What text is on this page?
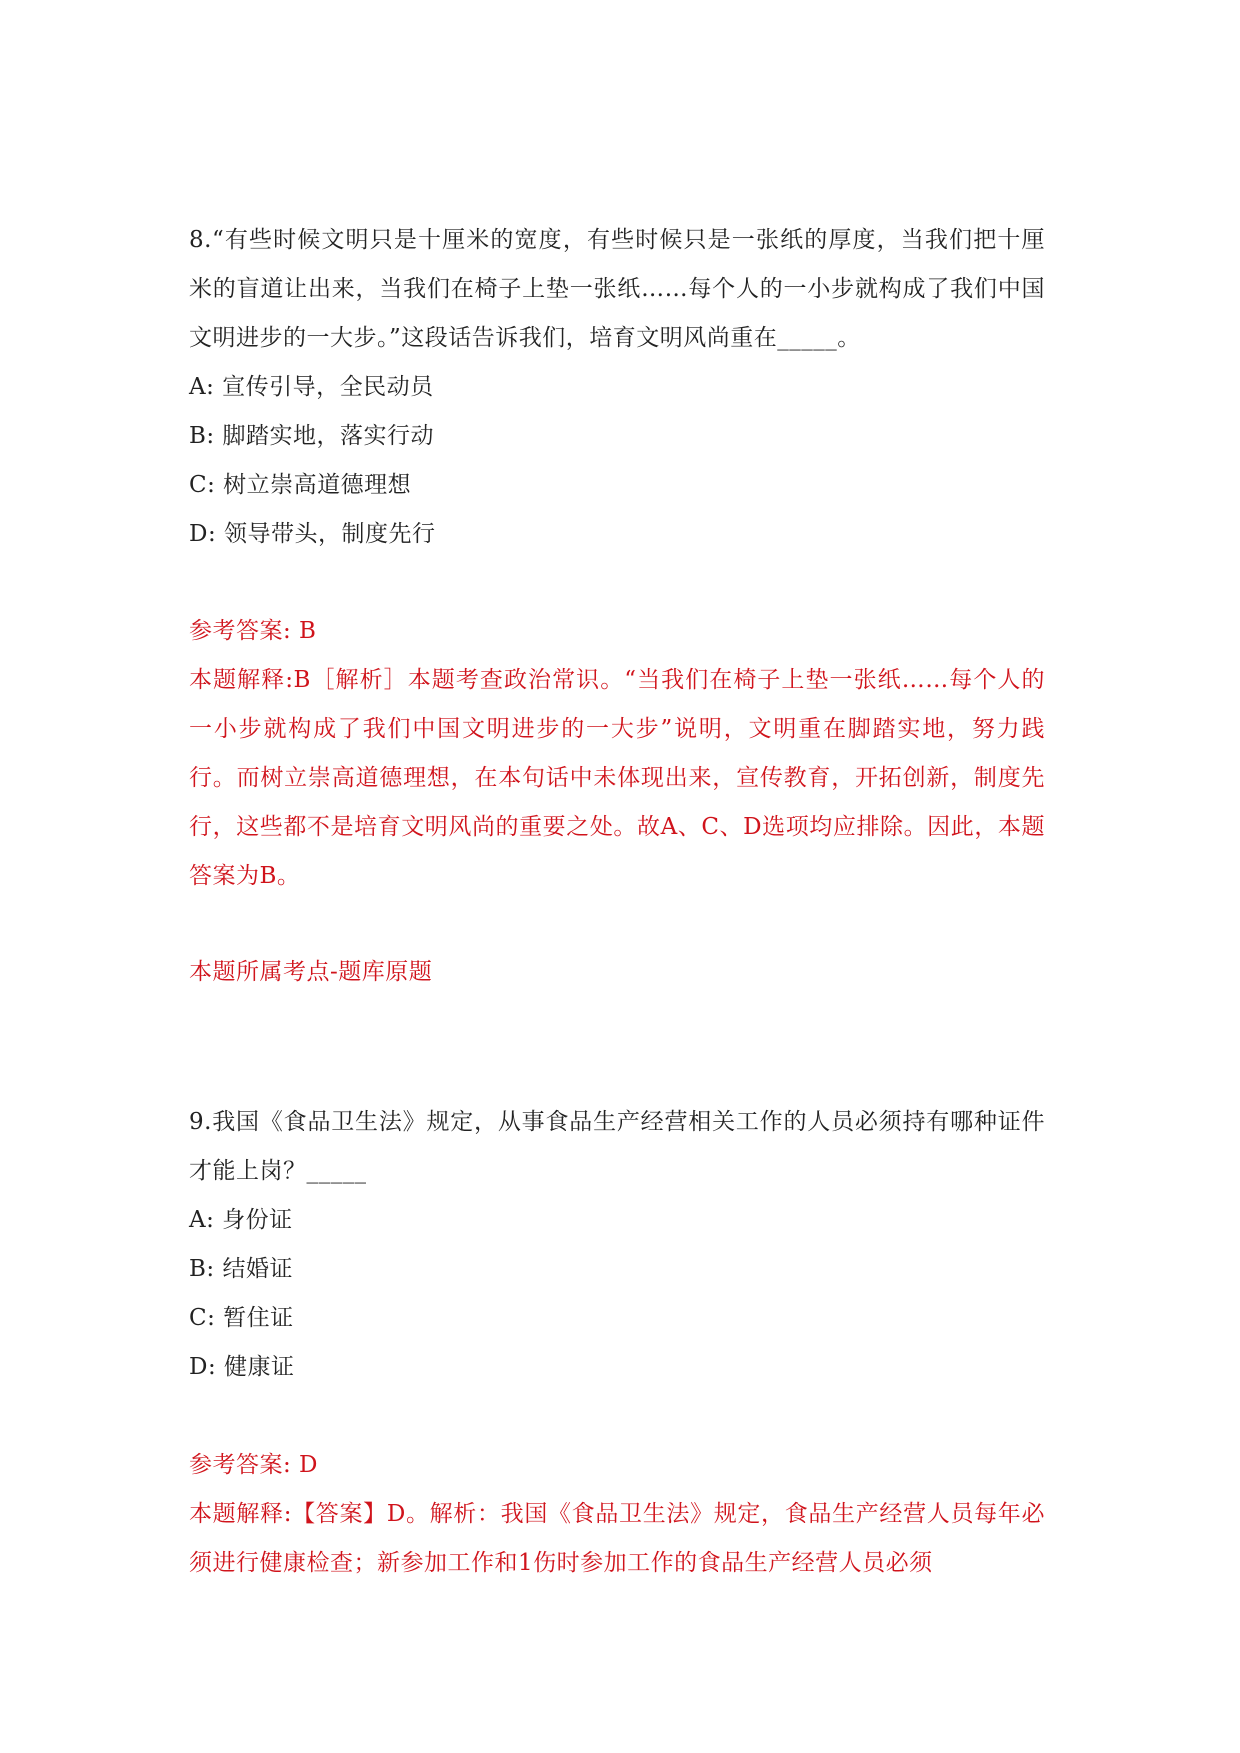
8.“有些时候文明只是十厘米的宽度，有些时候只是一张纸的厚度，当我们把十厘米的盲道让出来，当我们在椅子上垫一张纸……每个人的一小步就构成了我们中国文明进步的一大步。”这段话告诉我们，培育文明风尚重在_____。
A: 宣传引导，全民动员
B: 脚踏实地，落实行动
C: 树立崇高道德理想
D: 领导带头，制度先行
参考答案: B
本题解释:B［解析］本题考查政治常识。“当我们在椅子上垫一张纸……每个人的一小步就构成了我们中国文明进步的一大步”说明，文明重在脚踏实地，努力践行。而树立崇高道德理想，在本句话中未体现出来，宣传教育，开拓创新，制度先行，这些都不是培育文明风尚的重要之处。故A、C、D选项均应排除。因此，本题答案为B。
本题所属考点-题库原题
9.我国《食品卫生法》规定，从事食品生产经营相关工作的人员必须持有哪种证件才能上岗？_____
A: 身份证
B: 结婚证
C: 暂住证
D: 健康证
参考答案: D
本题解释:【答案】D。解析：我国《食品卫生法》规定，食品生产经营人员每年必须进行健康检查；新参加工作和1伤时参加工作的食品生产经营人员必须
